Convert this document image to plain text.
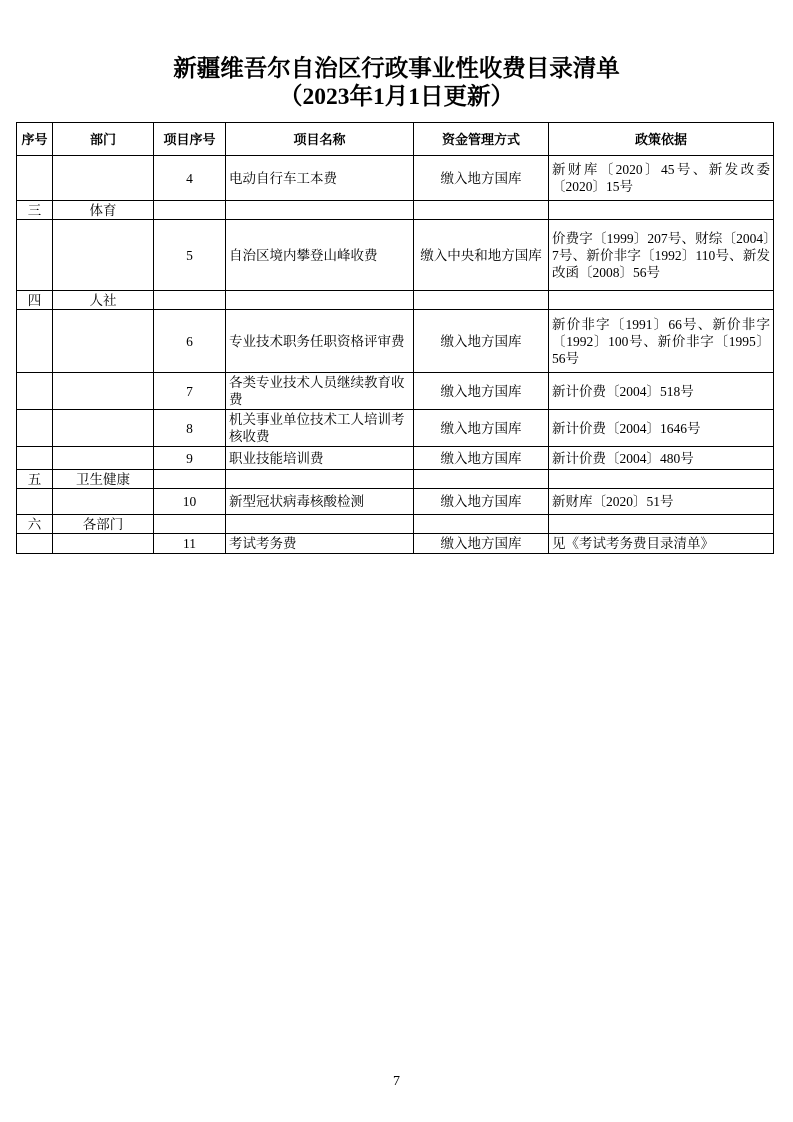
新疆维吾尔自治区行政事业性收费目录清单
（2023年1月1日更新）
序号	部门	项目序号	项目名称	资金管理方式	政策依据
		4	电动自行车工本费	缴入地方国库	新财库〔2020〕45号、新发改委〔2020〕15号
三	体育				
		5	自治区境内攀登山峰收费	缴入中央和地方国库	价费字〔1999〕207号、财综〔2004〕7号、新价非字〔1992〕110号、新发改函〔2008〕56号
四	人社				
		6	专业技术职务任职资格评审费	缴入地方国库	新价非字〔1991〕66号、新价非字〔1992〕100号、新价非字〔1995〕56号
		7	各类专业技术人员继续教育收费	缴入地方国库	新计价费〔2004〕518号
		8	机关事业单位技术工人培训考核收费	缴入地方国库	新计价费〔2004〕1646号
		9	职业技能培训费	缴入地方国库	新计价费〔2004〕480号
五	卫生健康				
		10	新型冠状病毒核酸检测	缴入地方国库	新财库〔2020〕51号
六	各部门				
		11	考试考务费	缴入地方国库	见《考试考务费目录清单》
7
